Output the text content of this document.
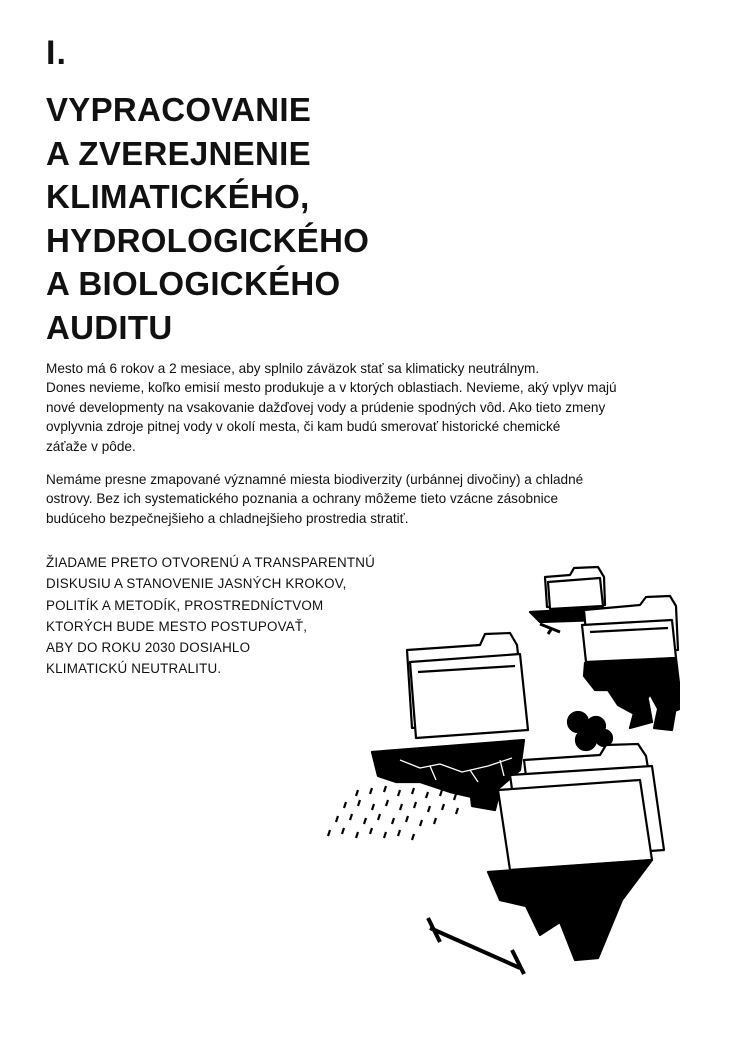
I.
VYPRACOVANIE
A ZVEREJNENIE
KLIMATICKÉHO,
HYDROLOGICKÉHO
A BIOLOGICKÉHO
AUDITU

Mesto má 6 rokov a 2 mesiace, aby splnilo záväzok stať sa klimaticky neutrálnym.
Dones nevieme, koľko emisií mesto produkuje a v ktorých oblastiach. Nevieme, aký vplyv majú
nové developmenty na vsakovanie dažďovej vody a prúdenie spodných vôd. Ako tieto zmeny
ovplyvnia zdroje pitnej vody v okolí mesta, či kam budú smerovať historické chemické
záťaže v pôde.

Nemáme presne zmapované významné miesta biodiverzity (urbánnej divočiny) a chladné
ostrovy. Bez ich systematického poznania a ochrany môžeme tieto vzácne zásobnice
budúceho bezpečnejšieho a chladnejšieho prostredia stratiť.

ŽIADAME PRETO OTVORENÚ A TRANSPARENTNÚ
DISKUSIU A STANOVENIE JASNÝCH KROKOV,
POLITÍK A METODÍK, PROSTREDNÍCTVOM
KTORÝCH BUDE MESTO POSTUPOVAŤ,
ABY DO ROKU 2030 DOSIAHLO
KLIMATICKÚ NEUTRALITU.
